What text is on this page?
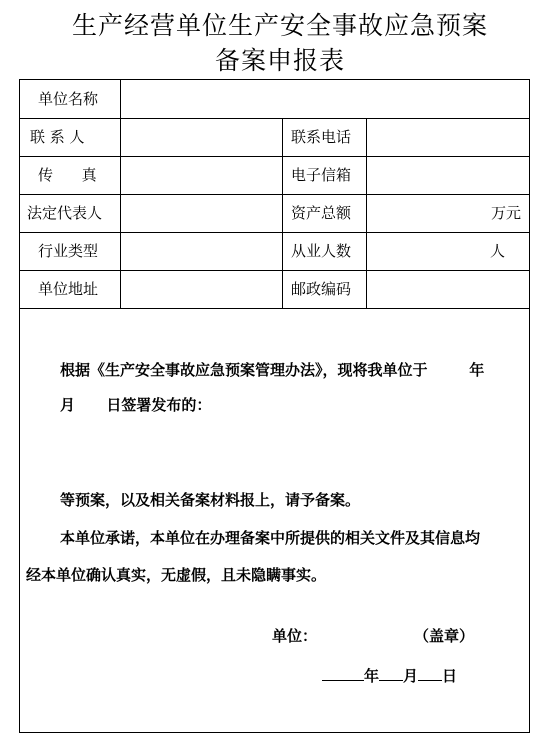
生产经营单位生产安全事故应急预案
备案申报表
单位名称
联 系 人	联系电话
传      真	电子信箱
法定代表人	资产总额	万元
行业类型	从业人数	人
单位地址	邮政编码
根据《生产安全事故应急预案管理办法》，现将我单位于        年
月      日签署发布的：
等预案，以及相关备案材料报上，请予备案。
本单位承诺，本单位在办理备案中所提供的相关文件及其信息均
经本单位确认真实，无虚假，且未隐瞒事实。
单位：	（盖章）
年 月 日
